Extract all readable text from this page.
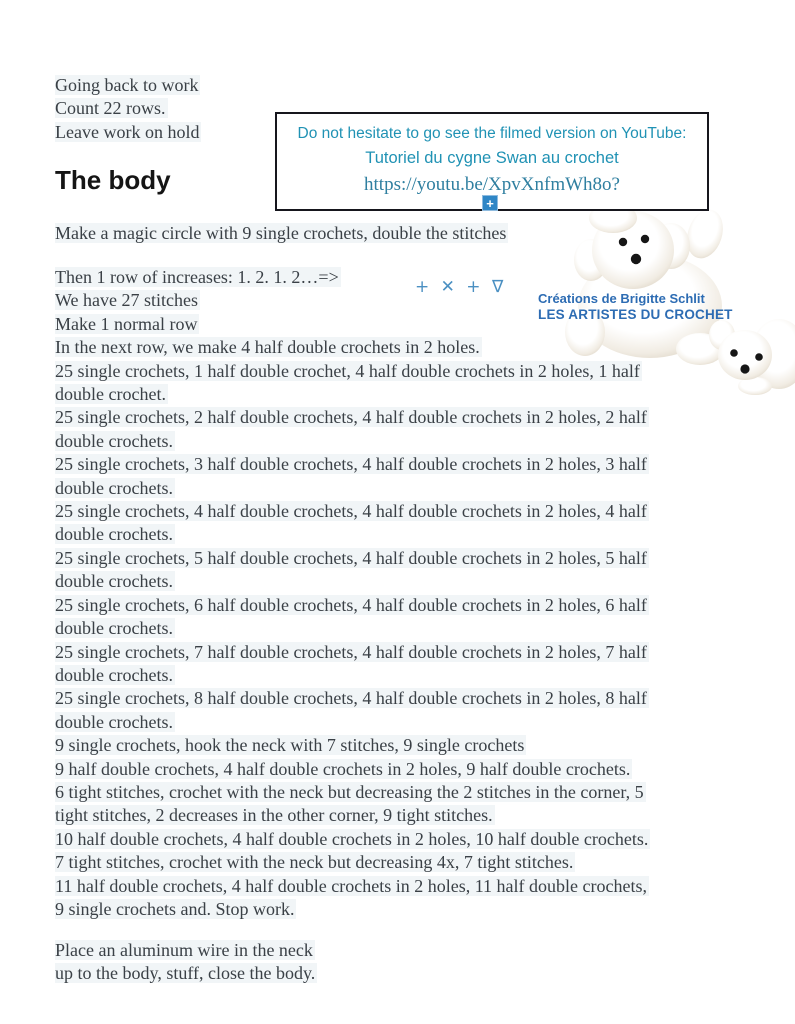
Going back to work
Count 22 rows.
Leave work on hold	Do not hesitate to go see the filmed version on YouTube:
Tutoriel du cygne Swan au crochet
https://youtu.be/XpvXnfmWh8o?
+
The body
Make a magic circle with 9 single crochets, double the stitches
+ ✕ + ∇
Créations de Brigitte Schlit
LES ARTISTES DU CROCHET
Then 1 row of increases: 1. 2. 1. 2…=>
We have 27 stitches
Make 1 normal row
In the next row, we make 4 half double crochets in 2 holes.
25 single crochets, 1 half double crochet, 4 half double crochets in 2 holes, 1 half
double crochet.
25 single crochets, 2 half double crochets, 4 half double crochets in 2 holes, 2 half
double crochets.
25 single crochets, 3 half double crochets, 4 half double crochets in 2 holes, 3 half
double crochets.
25 single crochets, 4 half double crochets, 4 half double crochets in 2 holes, 4 half
double crochets.
25 single crochets, 5 half double crochets, 4 half double crochets in 2 holes, 5 half
double crochets.
25 single crochets, 6 half double crochets, 4 half double crochets in 2 holes, 6 half
double crochets.
25 single crochets, 7 half double crochets, 4 half double crochets in 2 holes, 7 half
double crochets.
25 single crochets, 8 half double crochets, 4 half double crochets in 2 holes, 8 half
double crochets.
9 single crochets, hook the neck with 7 stitches, 9 single crochets
9 half double crochets, 4 half double crochets in 2 holes, 9 half double crochets.
6 tight stitches, crochet with the neck but decreasing the 2 stitches in the corner, 5
tight stitches, 2 decreases in the other corner, 9 tight stitches.
10 half double crochets, 4 half double crochets in 2 holes, 10 half double crochets.
7 tight stitches, crochet with the neck but decreasing 4x, 7 tight stitches.
11 half double crochets, 4 half double crochets in 2 holes, 11 half double crochets,
9 single crochets and. Stop work.
Place an aluminum wire in the neck
up to the body, stuff, close the body.
